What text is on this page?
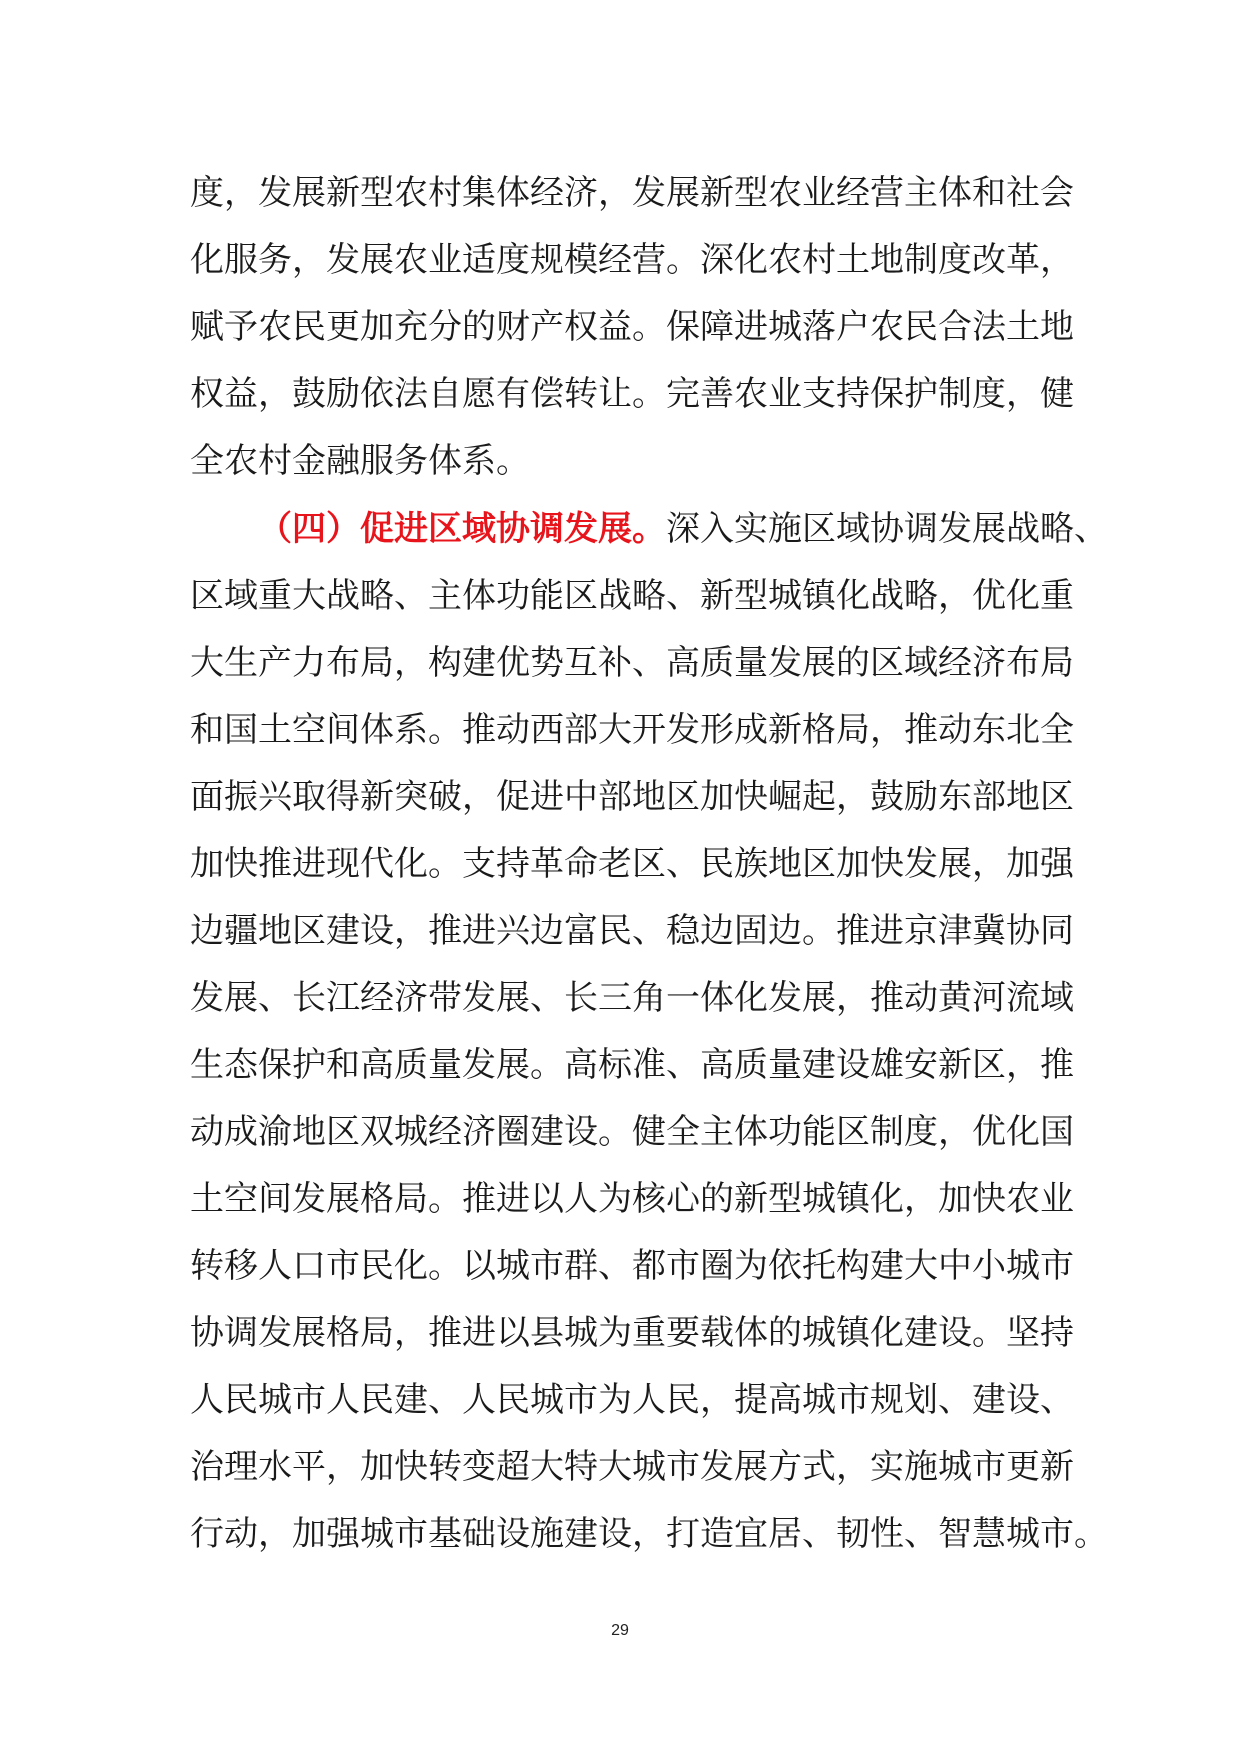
度，发展新型农村集体经济，发展新型农业经营主体和社会
化服务，发展农业适度规模经营。深化农村土地制度改革，
赋予农民更加充分的财产权益。保障进城落户农民合法土地
权益，鼓励依法自愿有偿转让。完善农业支持保护制度，健
全农村金融服务体系。
（四）促进区域协调发展。深入实施区域协调发展战略、
区域重大战略、主体功能区战略、新型城镇化战略，优化重
大生产力布局，构建优势互补、高质量发展的区域经济布局
和国土空间体系。推动西部大开发形成新格局，推动东北全
面振兴取得新突破，促进中部地区加快崛起，鼓励东部地区
加快推进现代化。支持革命老区、民族地区加快发展，加强
边疆地区建设，推进兴边富民、稳边固边。推进京津冀协同
发展、长江经济带发展、长三角一体化发展，推动黄河流域
生态保护和高质量发展。高标准、高质量建设雄安新区，推
动成渝地区双城经济圈建设。健全主体功能区制度，优化国
土空间发展格局。推进以人为核心的新型城镇化，加快农业
转移人口市民化。以城市群、都市圈为依托构建大中小城市
协调发展格局，推进以县城为重要载体的城镇化建设。坚持
人民城市人民建、人民城市为人民，提高城市规划、建设、
治理水平，加快转变超大特大城市发展方式，实施城市更新
行动，加强城市基础设施建设，打造宜居、韧性、智慧城市。
29
